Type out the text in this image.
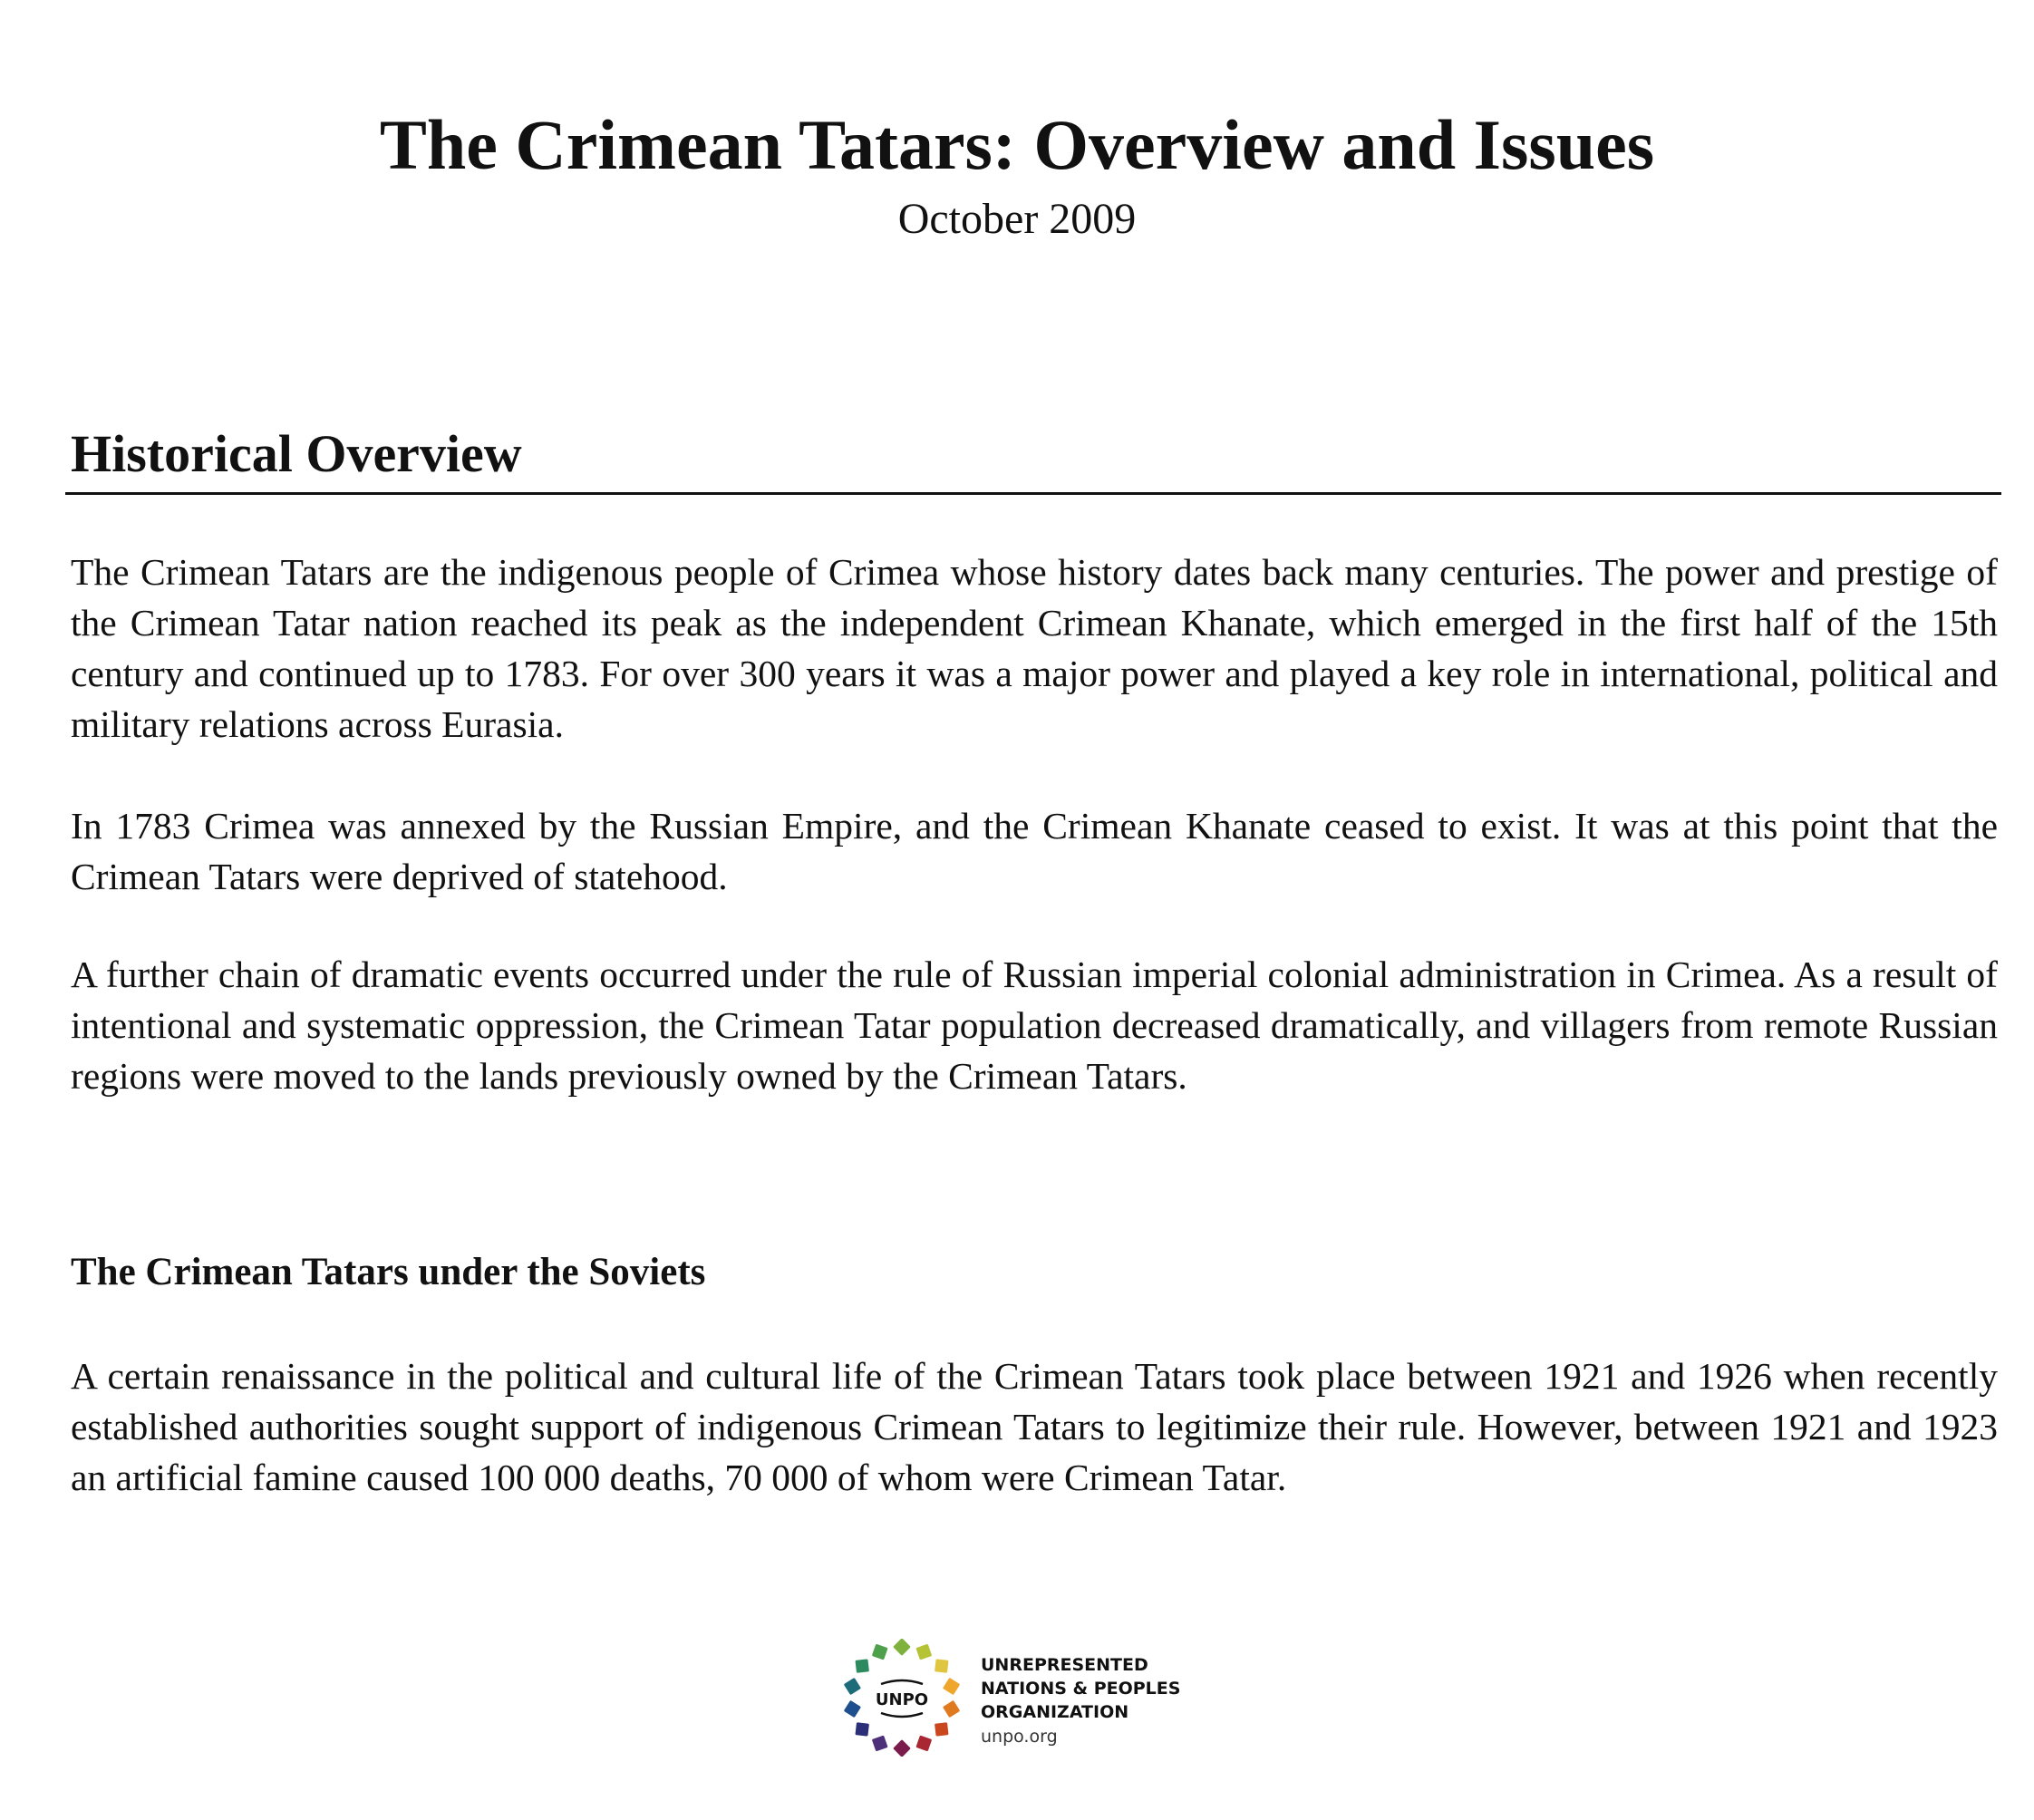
The Crimean Tatars: Overview and Issues
October 2009
Historical Overview

The Crimean Tatars are the indigenous people of Crimea whose history dates back many centuries. The power and prestige of the Crimean Tatar nation reached its peak as the independent Crimean Khanate, which emerged in the first half of the 15th century and continued up to 1783. For over 300 years it was a major power and played a key role in international, political and military relations across Eurasia.

In 1783 Crimea was annexed by the Russian Empire, and the Crimean Khanate ceased to exist. It was at this point that the Crimean Tatars were deprived of statehood.

A further chain of dramatic events occurred under the rule of Russian imperial colonial administration in Crimea. As a result of intentional and systematic oppression, the Crimean Tatar population decreased dramatically, and villagers from remote Russian regions were moved to the lands previously owned by the Crimean Tatars.

The Crimean Tatars under the Soviets

A certain renaissance in the political and cultural life of the Crimean Tatars took place between 1921 and 1926 when recently established authorities sought support of indigenous Crimean Tatars to legitimize their rule. However, between 1921 and 1923 an artificial famine caused 100 000 deaths, 70 000 of whom were Crimean Tatar.

UNPO
UNREPRESENTED
NATIONS & PEOPLES
ORGANIZATION
unpo.org
